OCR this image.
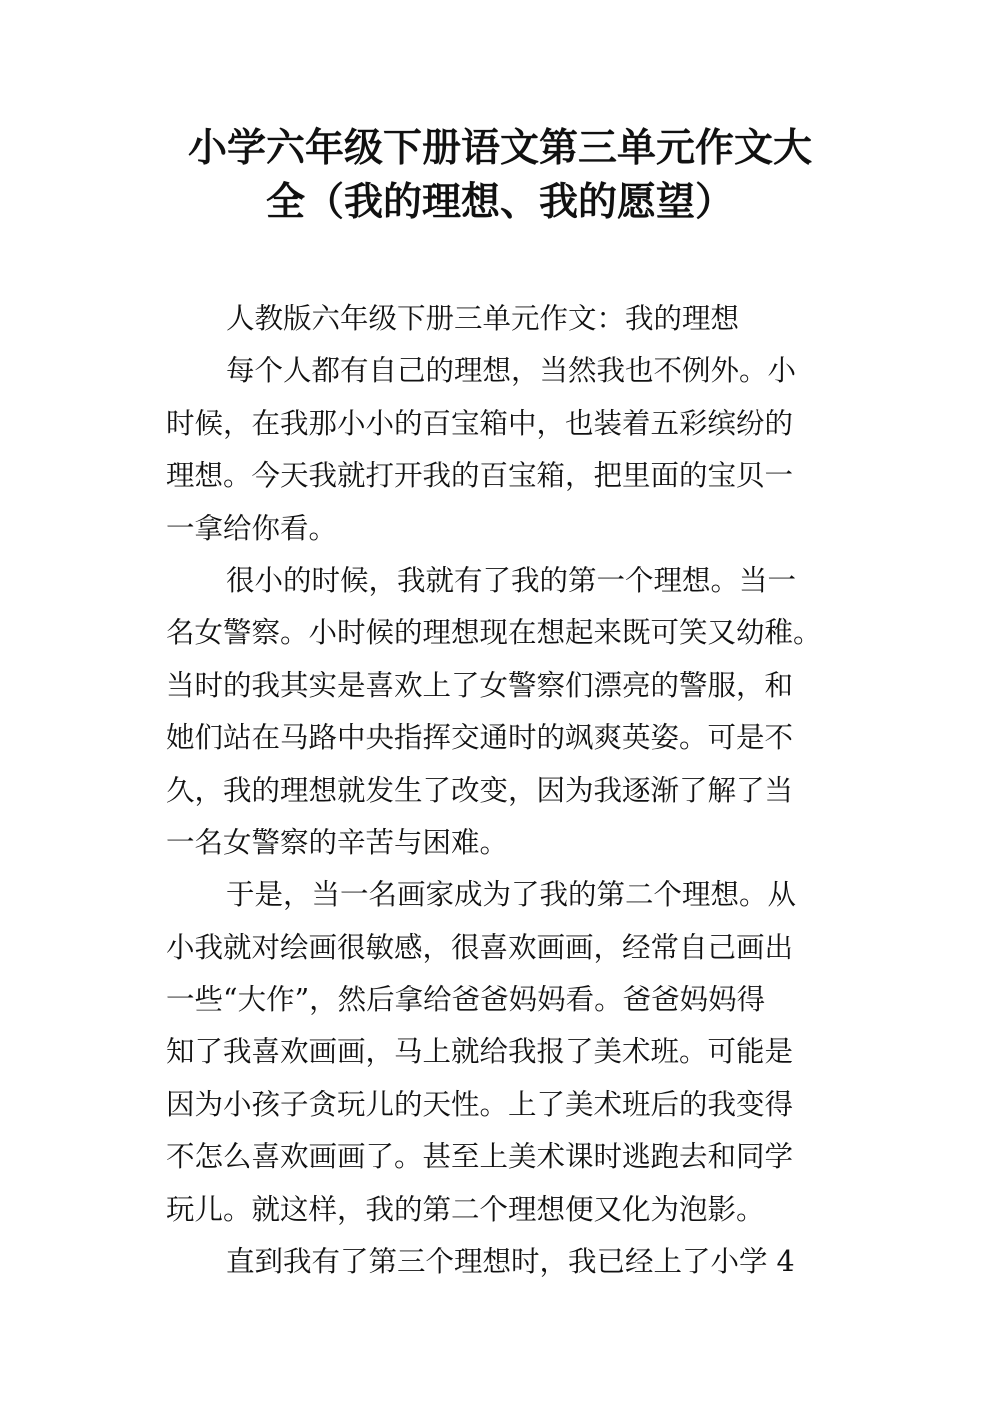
小学六年级下册语文第三单元作文大
全（我的理想、我的愿望）
人教版六年级下册三单元作文：我的理想
每个人都有自己的理想，当然我也不例外。小
时候，在我那小小的百宝箱中，也装着五彩缤纷的
理想。今天我就打开我的百宝箱，把里面的宝贝一
一拿给你看。
很小的时候，我就有了我的第一个理想。当一
名女警察。小时候的理想现在想起来既可笑又幼稚。
当时的我其实是喜欢上了女警察们漂亮的警服，和
她们站在马路中央指挥交通时的飒爽英姿。可是不
久，我的理想就发生了改变，因为我逐渐了解了当
一名女警察的辛苦与困难。
于是，当一名画家成为了我的第二个理想。从
小我就对绘画很敏感，很喜欢画画，经常自己画出
一些“大作”，然后拿给爸爸妈妈看。爸爸妈妈得
知了我喜欢画画，马上就给我报了美术班。可能是
因为小孩子贪玩儿的天性。上了美术班后的我变得
不怎么喜欢画画了。甚至上美术课时逃跑去和同学
玩儿。就这样，我的第二个理想便又化为泡影。
直到我有了第三个理想时，我已经上了小学 4
